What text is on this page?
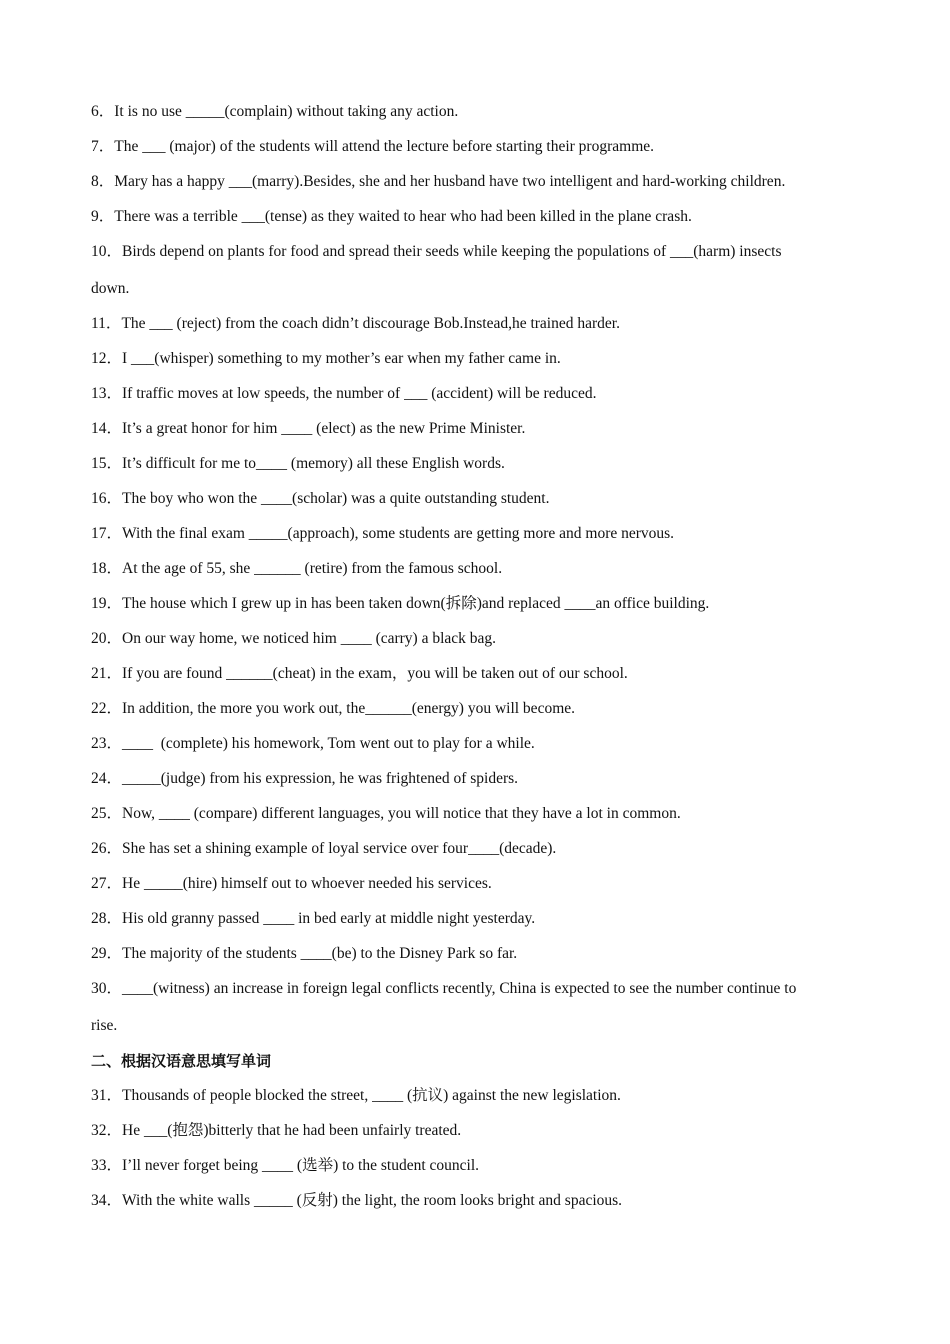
6．It is no use _____(complain) without taking any action.
7．The ___ (major) of the students will attend the lecture before starting their programme.
8．Mary has a happy ___(marry).Besides, she and her husband have two intelligent and hard-working children.
9．There was a terrible ___(tense) as they waited to hear who had been killed in the plane crash.
10．Birds depend on plants for food and spread their seeds while keeping the populations of ___(harm) insects
down.
11．The ___ (reject) from the coach didn’t discourage Bob.Instead,he trained harder.
12．I ___(whisper) something to my mother’s ear when my father came in.
13．If traffic moves at low speeds, the number of ___ (accident) will be reduced.
14．It’s a great honor for him ____ (elect) as the new Prime Minister.
15．It’s difficult for me to____ (memory) all these English words.
16．The boy who won the ____(scholar) was a quite outstanding student.
17．With the final exam _____(approach), some students are getting more and more nervous.
18．At the age of 55, she ______ (retire) from the famous school.
19．The house which I grew up in has been taken down(拆除)and replaced ____an office building.
20．On our way home, we noticed him ____ (carry) a black bag.
21．If you are found ______(cheat) in the exam，you will be taken out of our school.
22．In addition, the more you work out, the______(energy) you will become.
23．____  (complete) his homework, Tom went out to play for a while.
24．_____(judge) from his expression, he was frightened of spiders.
25．Now, ____ (compare) different languages, you will notice that they have a lot in common.
26．She has set a shining example of loyal service over four____(decade).
27．He _____(hire) himself out to whoever needed his services.
28．His old granny passed ____ in bed early at middle night yesterday.
29．The majority of the students ____(be) to the Disney Park so far.
30．____(witness) an increase in foreign legal conflicts recently, China is expected to see the number continue to
rise.
二、根据汉语意思填写单词
31．Thousands of people blocked the street, ____ (抗议) against the new legislation.
32．He ___(抱怨)bitterly that he had been unfairly treated.
33．I’ll never forget being ____ (选举) to the student council.
34．With the white walls _____ (反射) the light, the room looks bright and spacious.
